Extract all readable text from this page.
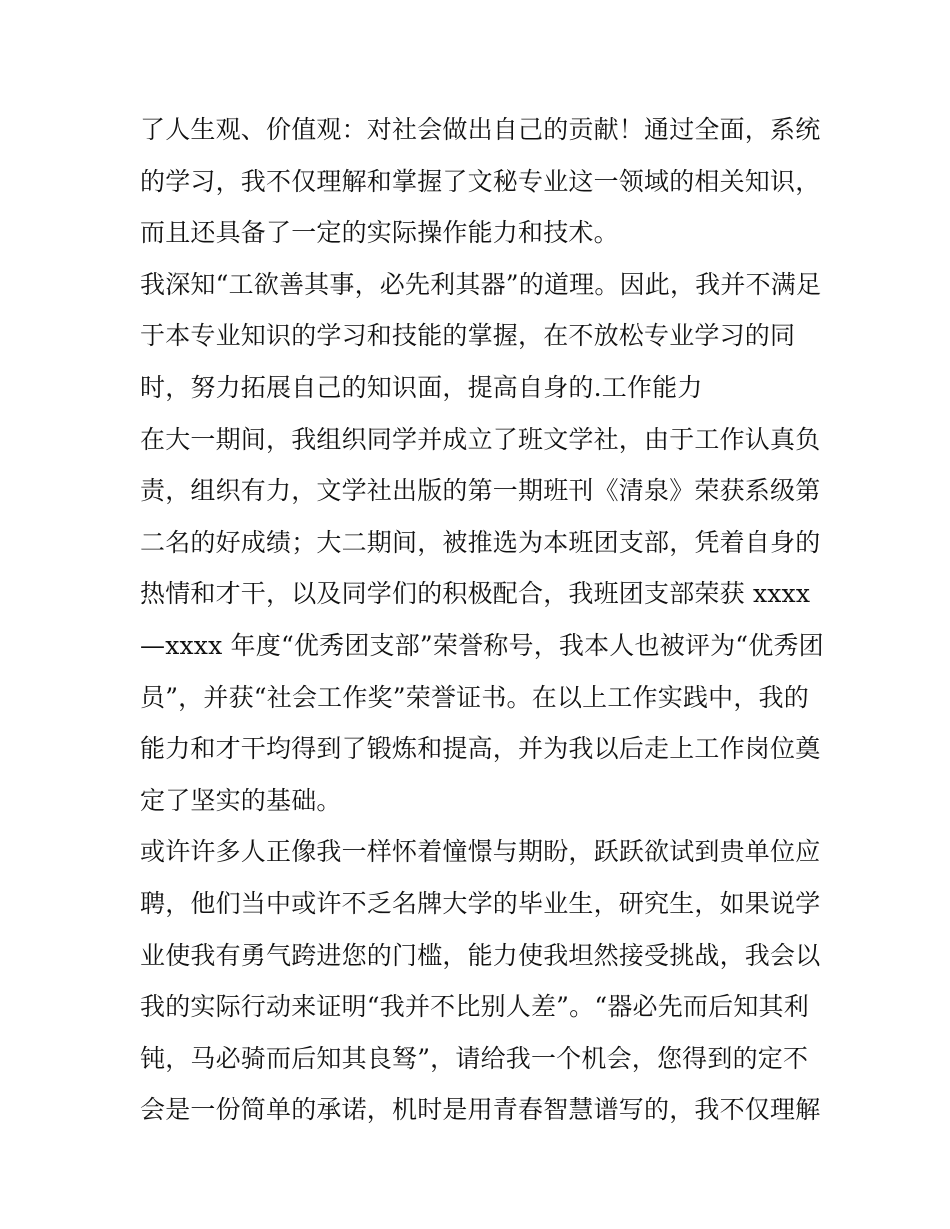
了人生观、价值观：对社会做出自己的贡献！通过全面，系统
的学习，我不仅理解和掌握了文秘专业这一领域的相关知识，
而且还具备了一定的实际操作能力和技术。
我深知“工欲善其事，必先利其器”的道理。因此，我并不满足
于本专业知识的学习和技能的掌握，在不放松专业学习的同
时，努力拓展自己的知识面，提高自身的.工作能力
在大一期间，我组织同学并成立了班文学社，由于工作认真负
责，组织有力，文学社出版的第一期班刊《清泉》荣获系级第
二名的好成绩；大二期间，被推选为本班团支部，凭着自身的
热情和才干，以及同学们的积极配合，我班团支部荣获 xxxx
—xxxx 年度“优秀团支部”荣誉称号，我本人也被评为“优秀团
员”，并获“社会工作奖”荣誉证书。在以上工作实践中，我的
能力和才干均得到了锻炼和提高，并为我以后走上工作岗位奠
定了坚实的基础。
或许许多人正像我一样怀着憧憬与期盼，跃跃欲试到贵单位应
聘，他们当中或许不乏名牌大学的毕业生，研究生，如果说学
业使我有勇气跨进您的门槛，能力使我坦然接受挑战，我会以
我的实际行动来证明“我并不比别人差”。“器必先而后知其利
钝，马必骑而后知其良驽”，请给我一个机会，您得到的定不
会是一份简单的承诺，机时是用青春智慧谱写的，我不仅理解
